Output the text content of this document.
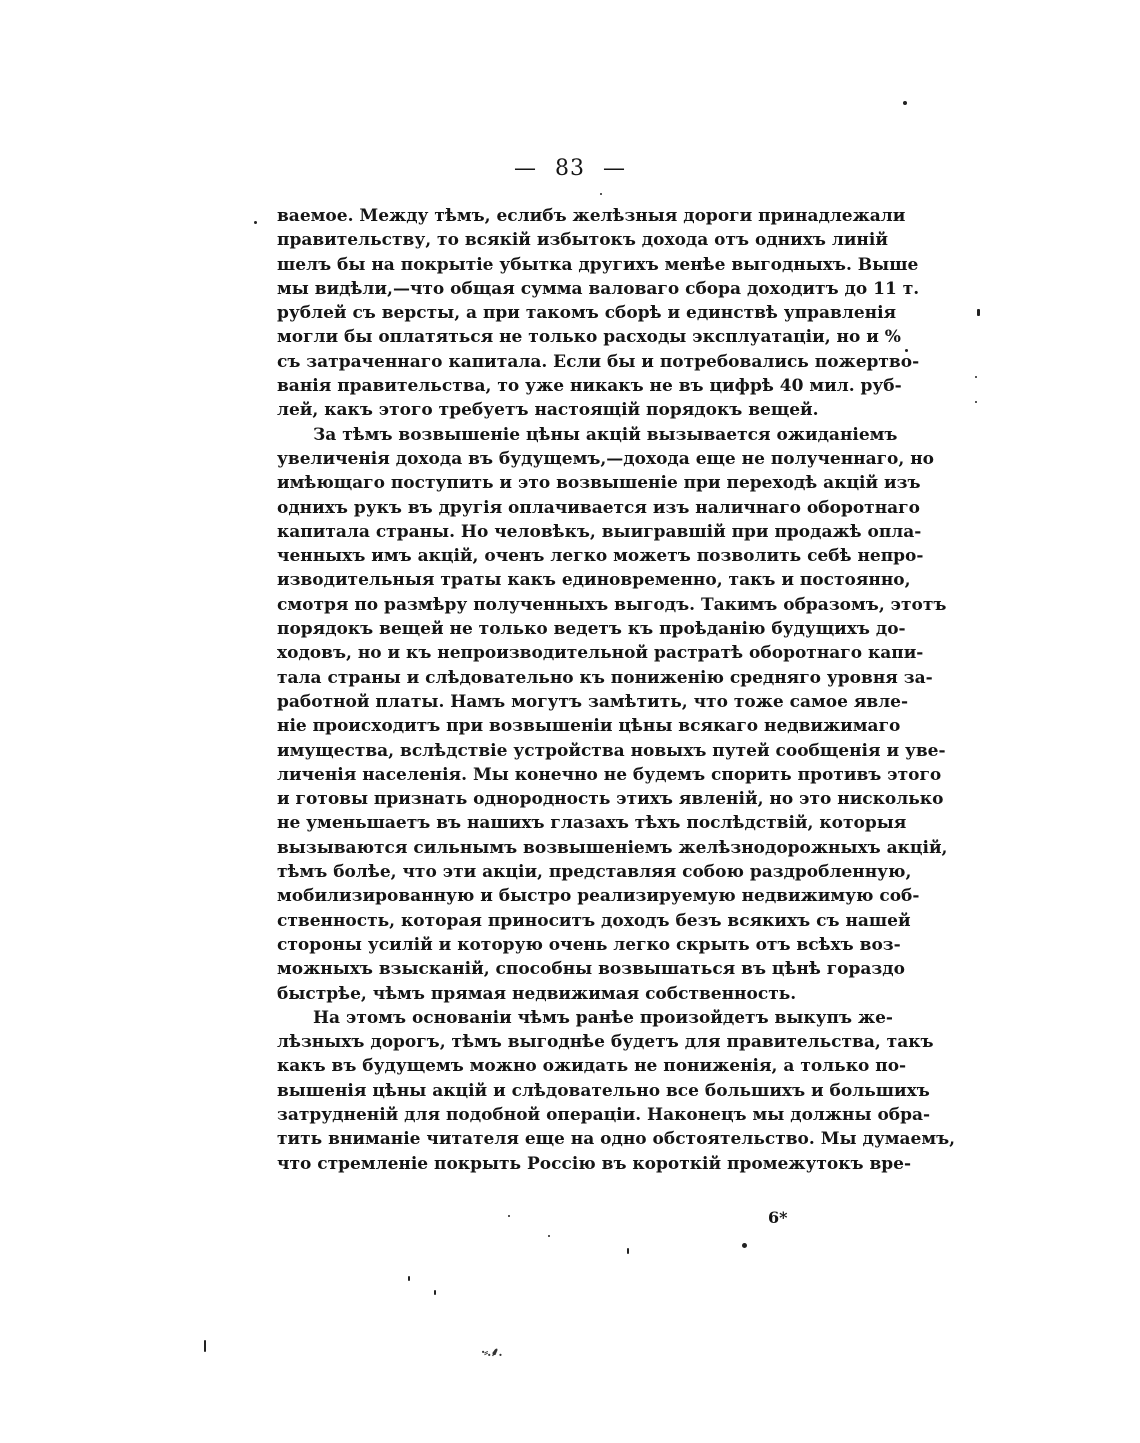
— 83 —
ваемое. Между тѣмъ, еслибъ желѣзныя дороги принадлежали
правительству, то всякій избытокъ дохода отъ однихъ линій
шелъ бы на покрытіе убытка другихъ менѣе выгодныхъ. Выше
мы видѣли,—что общая сумма валоваго сбора доходитъ до 11 т.
рублей съ версты, а при такомъ сборѣ и единствѣ управленія
могли бы оплатяться не только расходы эксплуатаціи, но и %
съ затраченнаго капитала. Если бы и потребовались пожертво-
ванія правительства, то уже никакъ не въ цифрѣ 40 мил. руб-
лей, какъ этого требуетъ настоящій порядокъ вещей.
За тѣмъ возвышеніе цѣны акцій вызывается ожиданіемъ
увеличенія дохода въ будущемъ,—дохода еще не полученнаго, но
имѣющаго поступить и это возвышеніе при переходѣ акцій изъ
однихъ рукъ въ другія оплачивается изъ наличнаго оборотнаго
капитала страны. Но человѣкъ, выигравшій при продажѣ опла-
ченныхъ имъ акцій, оченъ легко можетъ позволить себѣ непро-
изводительныя траты какъ единовременно, такъ и постоянно,
смотря по размѣру полученныхъ выгодъ. Такимъ образомъ, этотъ
порядокъ вещей не только ведетъ къ проѣданію будущихъ до-
ходовъ, но и къ непроизводительной растратѣ оборотнаго капи-
тала страны и слѣдовательно къ пониженію средняго уровня за-
работной платы. Намъ могутъ замѣтить, что тоже самое явле-
ніе происходитъ при возвышеніи цѣны всякаго недвижимаго
имущества, вслѣдствіе устройства новыхъ путей сообщенія и уве-
личенія населенія. Мы конечно не будемъ спорить противъ этого
и готовы признать однородность этихъ явленій, но это нисколько
не уменьшаетъ въ нашихъ глазахъ тѣхъ послѣдствій, которыя
вызываются сильнымъ возвышеніемъ желѣзнодорожныхъ акцій,
тѣмъ болѣе, что эти акціи, представляя собою раздробленную,
мобилизированную и быстро реализируемую недвижимую соб-
ственность, которая приноситъ доходъ безъ всякихъ съ нашей
стороны усилій и которую очень легко скрыть отъ всѣхъ воз-
можныхъ взысканій, способны возвышаться въ цѣнѣ гораздо
быстрѣе, чѣмъ прямая недвижимая собственность.
На этомъ основаніи чѣмъ ранѣе произойдетъ выкупъ же-
лѣзныхъ дорогъ, тѣмъ выгоднѣе будетъ для правительства, такъ
какъ въ будущемъ можно ожидать не пониженія, а только по-
вышенія цѣны акцій и слѣдовательно все большихъ и большихъ
затрудненій для подобной операціи. Наконецъ мы должны обра-
тить вниманіе читателя еще на одно обстоятельство. Мы думаемъ,
что стремленіе покрыть Россію въ короткій промежутокъ вре-
6*
·⸗.⸙.
